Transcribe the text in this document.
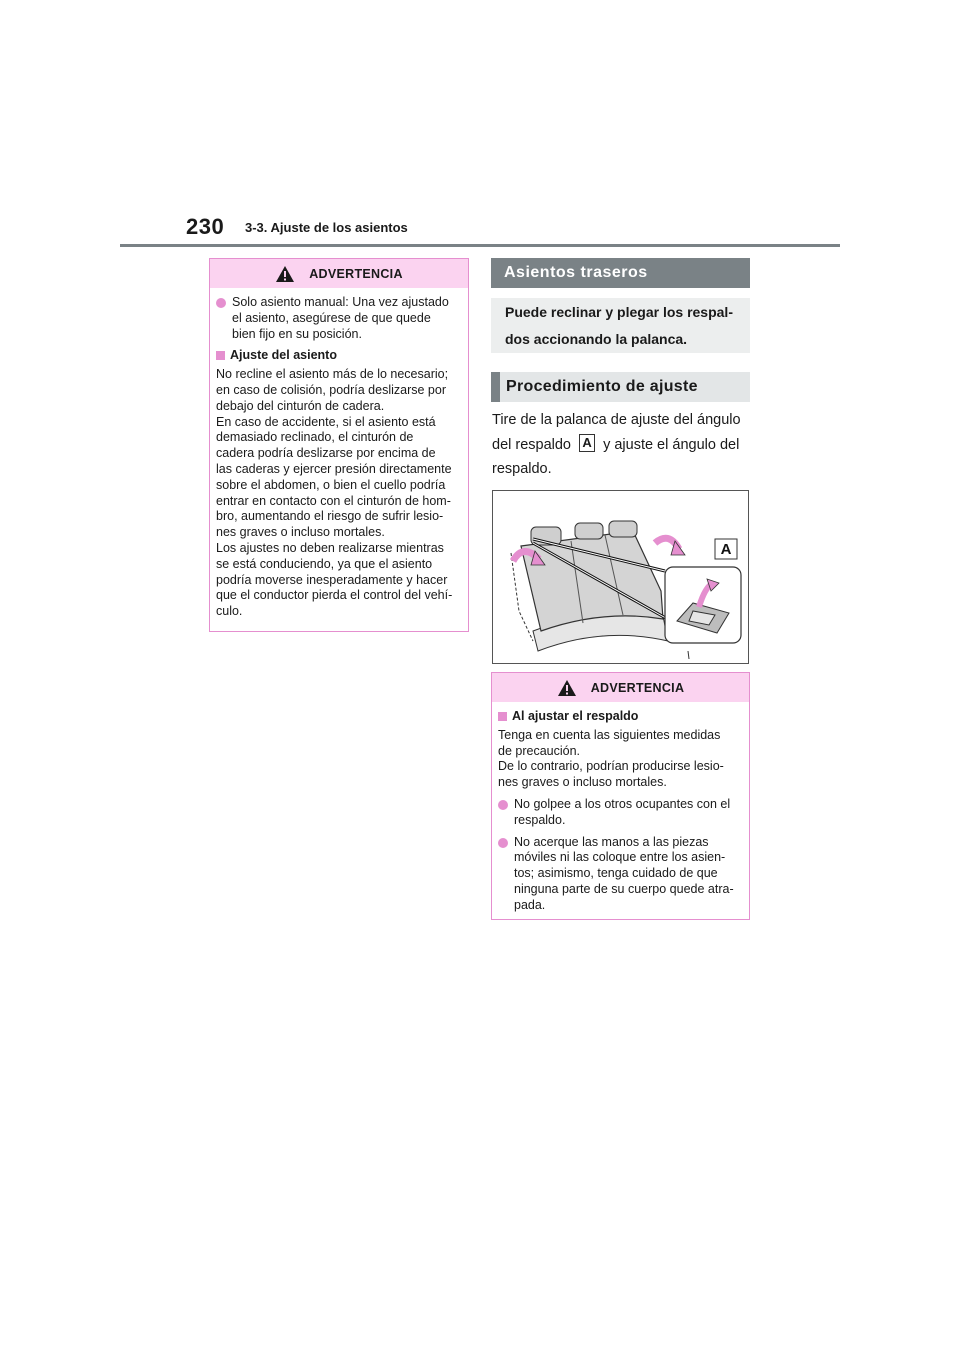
230 3-3. Ajuste de los asientos
ADVERTENCIA
Solo asiento manual: Una vez ajustado
el asiento, asegúrese de que quede
bien fijo en su posición.
Ajuste del asiento
No recline el asiento más de lo necesario;
en caso de colisión, podría deslizarse por
debajo del cinturón de cadera.
En caso de accidente, si el asiento está
demasiado reclinado, el cinturón de
cadera podría deslizarse por encima de
las caderas y ejercer presión directamente
sobre el abdomen, o bien el cuello podría
entrar en contacto con el cinturón de hom-
bro, aumentando el riesgo de sufrir lesio-
nes graves o incluso mortales.
Los ajustes no deben realizarse mientras
se está conduciendo, ya que el asiento
podría moverse inesperadamente y hacer
que el conductor pierda el control del vehí-
culo.
Asientos traseros
Puede reclinar y plegar los respal-
dos accionando la palanca.
Procedimiento de ajuste
Tire de la palanca de ajuste del ángulo del respaldo A y ajuste el ángulo del respaldo.
A
ADVERTENCIA
Al ajustar el respaldo
Tenga en cuenta las siguientes medidas
de precaución.
De lo contrario, podrían producirse lesio-
nes graves o incluso mortales.
No golpee a los otros ocupantes con el
respaldo.
No acerque las manos a las piezas
móviles ni las coloque entre los asien-
tos; asimismo, tenga cuidado de que
ninguna parte de su cuerpo quede atra-
pada.
